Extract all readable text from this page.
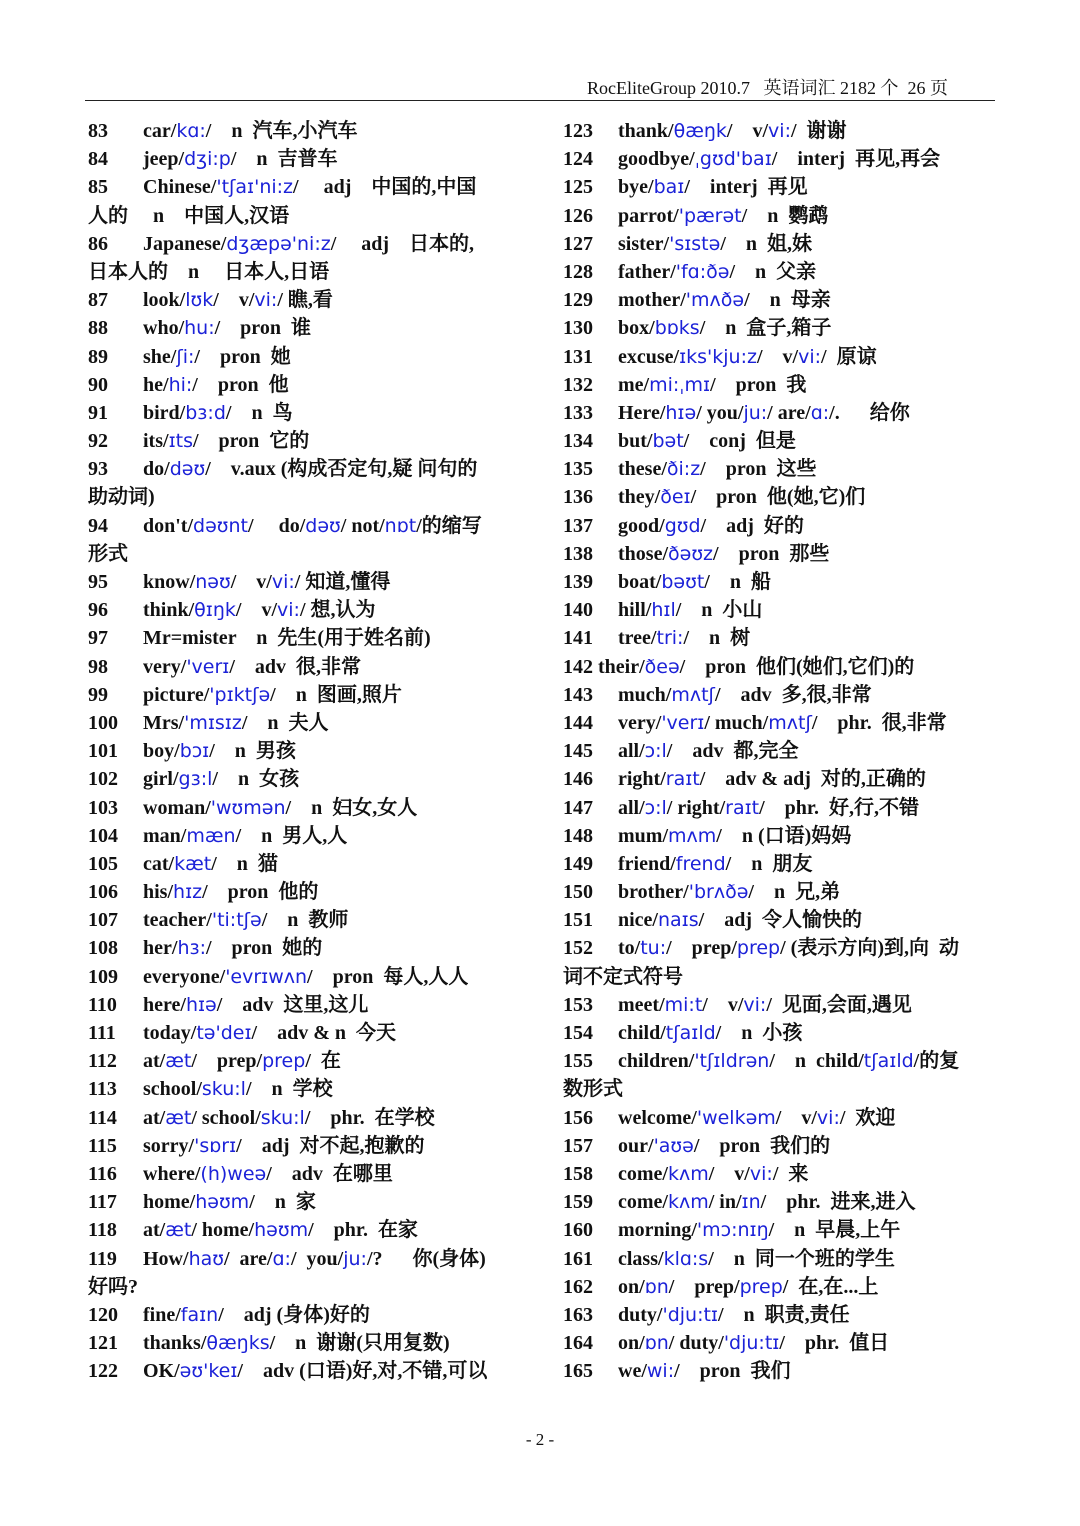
RocEliteGroup 2010.7   英语词汇 2182 个  26 页
83 car/kɑ:/    n  汽车,小汽车
84 jeep/dʒi:p/    n  吉普车
85 Chinese/'tʃaɪ'ni:z/     adj    中国的,中国
人的     n    中国人,汉语
86 Japanese/dʒæpə'ni:z/     adj    日本的,
日本人的    n     日本人,日语
87 look/lʊk/    v/vi:/ 瞧,看
88 who/hu:/    pron  谁
89 she/ʃi:/    pron  她
90 he/hi:/    pron  他
91 bird/bɜ:d/    n  鸟
92 its/ɪts/    pron  它的
93 do/dəʊ/    v.aux (构成否定句,疑 问句的
助动词)
94 don't/dəʊnt/     do/dəʊ/ not/nɒt/的缩写
形式
95 know/nəʊ/    v/vi:/ 知道,懂得
96 think/θɪŋk/    v/vi:/ 想,认为
97 Mr=mister    n  先生(用于姓名前)
98 very/'verɪ/    adv  很,非常
99 picture/'pɪktʃə/    n  图画,照片
100 Mrs/'mɪsɪz/    n  夫人
101 boy/bɔɪ/    n  男孩
102 girl/gɜ:l/    n  女孩
103 woman/'wʊmən/    n  妇女,女人
104 man/mæn/    n  男人,人
105 cat/kæt/    n  猫
106 his/hɪz/    pron  他的
107 teacher/'ti:tʃə/    n  教师
108 her/hɜ:/    pron  她的
109 everyone/'evrɪwʌn/    pron  每人,人人
110 here/hɪə/    adv  这里,这儿
111 today/tə'deɪ/    adv & n  今天
112 at/æt/    prep/prep/  在
113 school/sku:l/    n  学校
114 at/æt/ school/sku:l/    phr.  在学校
115 sorry/'sɒrɪ/    adj  对不起,抱歉的
116 where/(h)weə/    adv  在哪里
117 home/həʊm/    n  家
118 at/æt/ home/həʊm/    phr.  在家
119 How/haʊ/  are/ɑ:/  you/ju:/?      你(身体)
好吗?
120 fine/faɪn/    adj (身体)好的
121 thanks/θæŋks/    n  谢谢(只用复数)
122 OK/əʊ'keɪ/    adv (口语)好,对,不错,可以
123 thank/θæŋk/    v/vi:/  谢谢
124 goodbye/ˌgʊd'baɪ/    interj  再见,再会
125 bye/baɪ/    interj  再见
126 parrot/'pærət/    n  鹦鹉
127 sister/'sɪstə/    n  姐,妹
128 father/'fɑ:ðə/    n  父亲
129 mother/'mʌðə/    n  母亲
130 box/bɒks/    n  盒子,箱子
131 excuse/ɪks'kju:z/    v/vi:/  原谅
132 me/mi:ˌmɪ/    pron  我
133 Here/hɪə/ you/ju:/ are/ɑ:/.      给你
134 but/bət/    conj  但是
135 these/ði:z/    pron  这些
136 they/ðeɪ/    pron  他(她,它)们
137 good/gʊd/    adj  好的
138 those/ðəʊz/    pron  那些
139 boat/bəʊt/    n  船
140 hill/hɪl/    n  小山
141 tree/tri:/    n  树
142 their/ðeə/    pron  他们(她们,它们)的
143 much/mʌtʃ/    adv  多,很,非常
144 very/'verɪ/ much/mʌtʃ/    phr.  很,非常
145 all/ɔ:l/    adv  都,完全
146 right/raɪt/    adv & adj  对的,正确的
147 all/ɔ:l/ right/raɪt/    phr.  好,行,不错
148 mum/mʌm/    n (口语)妈妈
149 friend/frend/    n  朋友
150 brother/'brʌðə/    n  兄,弟
151 nice/naɪs/    adj  令人愉快的
152 to/tu:/    prep/prep/ (表示方向)到,向  动
词不定式符号
153 meet/mi:t/    v/vi:/  见面,会面,遇见
154 child/tʃaɪld/    n  小孩
155 children/'tʃɪldrən/    n  child/tʃaɪld/的复
数形式
156 welcome/'welkəm/    v/vi:/  欢迎
157 our/'aʊə/    pron  我们的
158 come/kʌm/    v/vi:/  来
159 come/kʌm/ in/ɪn/    phr.  进来,进入
160 morning/'mɔ:nɪŋ/    n  早晨,上午
161 class/klɑ:s/    n  同一个班的学生
162 on/ɒn/    prep/prep/  在,在...上
163 duty/'dju:tɪ/    n  职责,责任
164 on/ɒn/ duty/'dju:tɪ/    phr.  值日
165 we/wi:/    pron  我们
- 2 -
